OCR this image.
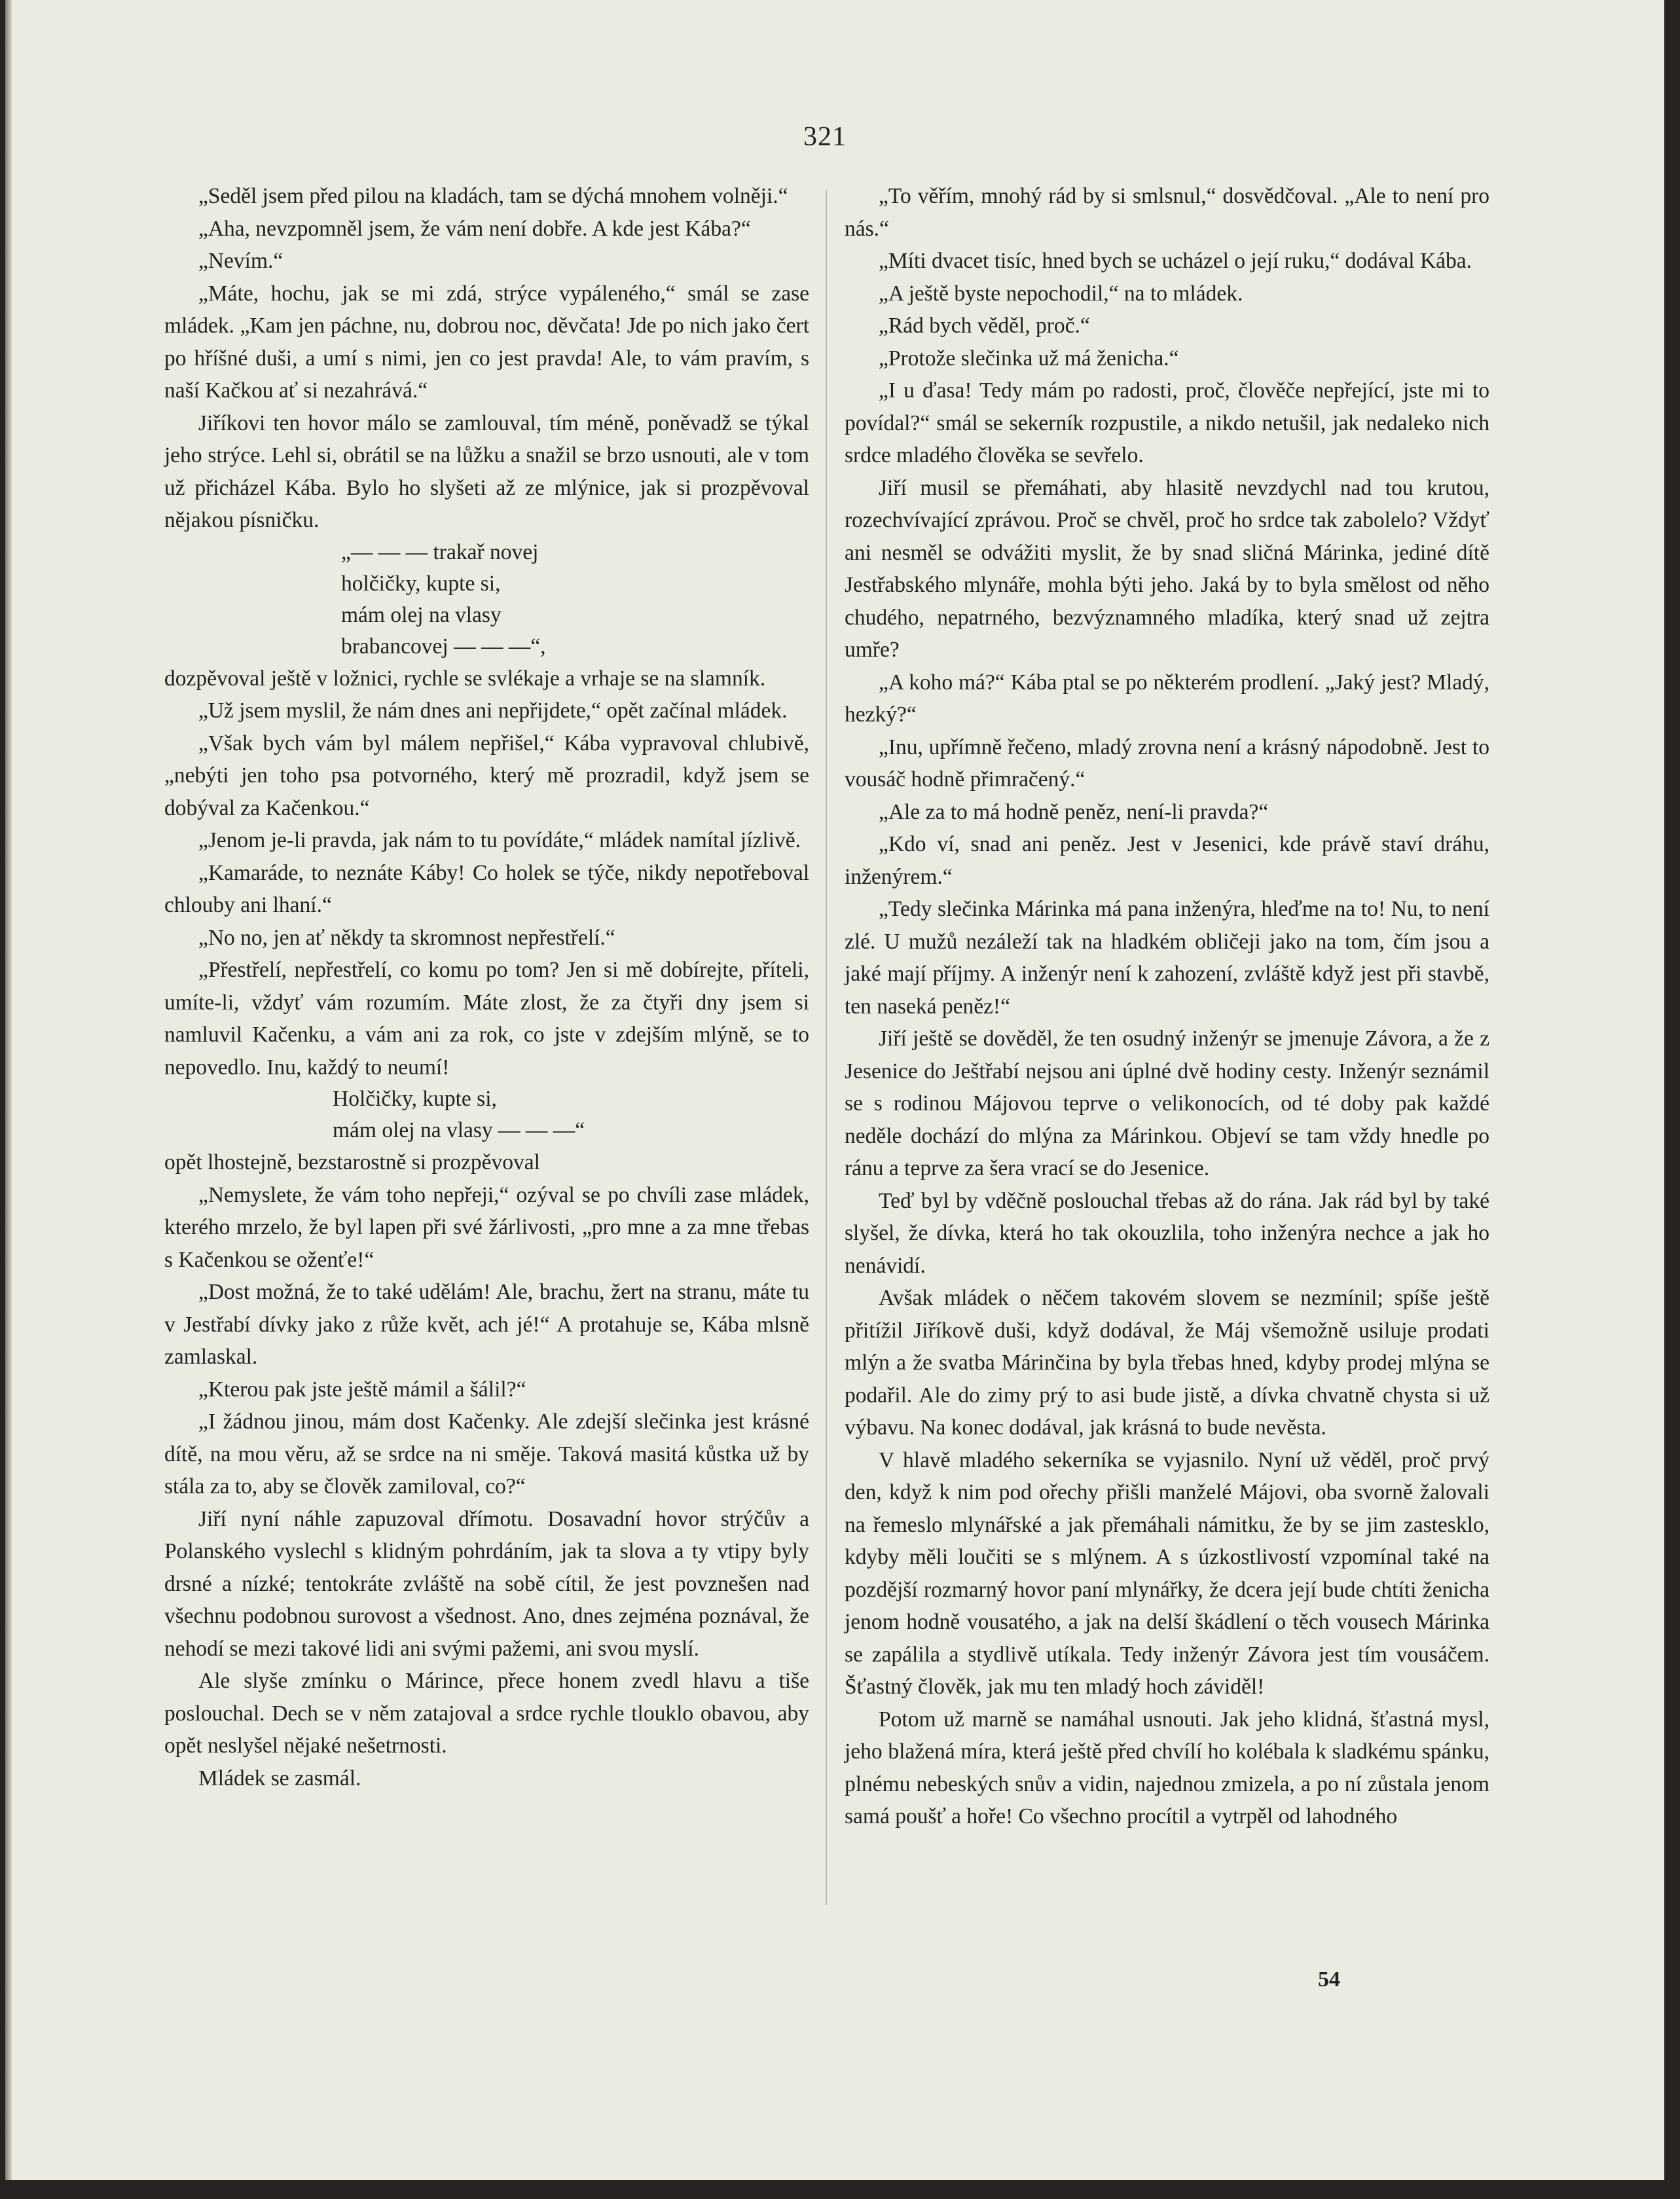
321

„Seděl jsem před pilou na kladách, tam se dýchá mnohem volněji.“

„Aha, nevzpomněl jsem, že vám není dobře. A kde jest Kába?“

„Nevím.“

„Máte, hochu, jak se mi zdá, strýce vypáleného,“ smál se zase mládek. „Kam jen páchne, nu, dobrou noc, děvčata! Jde po nich jako čert po hříšné duši, a umí s nimi, jen co jest pravda! Ale, to vám pravím, s naší Kačkou ať si nezahrává.“

Jiříkovi ten hovor málo se zamlouval, tím méně, poněvadž se týkal jeho strýce. Lehl si, obrátil se na lůžku a snažil se brzo usnouti, ale v tom už přicházel Kába. Bylo ho slyšeti až ze mlýnice, jak si prozpěvoval nějakou písničku.

„— — — trakař novej
holčičky, kupte si,
mám olej na vlasy
brabancovej — — —“,

dozpěvoval ještě v ložnici, rychle se svlékaje a vrhaje se na slamník.

„Už jsem myslil, že nám dnes ani nepřijdete,“ opět začínal mládek.

„Však bych vám byl málem nepřišel,“ Kába vypravoval chlubivě, „nebýti jen toho psa potvorného, který mě prozradil, když jsem se dobýval za Kačenkou.“

„Jenom je-li pravda, jak nám to tu povídáte,“ mládek namítal jízlivě.

„Kamaráde, to neznáte Káby! Co holek se týče, nikdy nepotřeboval chlouby ani lhaní.“

„No no, jen ať někdy ta skromnost nepřestřelí.“

„Přestřelí, nepřestřelí, co komu po tom? Jen si mě dobírejte, příteli, umíte-li, vždyť vám rozumím. Máte zlost, že za čtyři dny jsem si namluvil Kačenku, a vám ani za rok, co jste v zdejším mlýně, se to nepovedlo. Inu, každý to neumí!

Holčičky, kupte si,
mám olej na vlasy — — —“

opět lhostejně, bezstarostně si prozpěvoval

„Nemyslete, že vám toho nepřeji,“ ozýval se po chvíli zase mládek, kterého mrzelo, že byl lapen při své žárlivosti, „pro mne a za mne třebas s Kačenkou se oženťe!“

„Dost možná, že to také udělám! Ale, brachu, žert na stranu, máte tu v Jestřabí dívky jako z růže květ, ach jé!“ A protahuje se, Kába mlsně zamlaskal.

„Kterou pak jste ještě mámil a šálil?“

„I žádnou jinou, mám dost Kačenky. Ale zdejší slečinka jest krásné dítě, na mou věru, až se srdce na ni směje. Taková masitá kůstka už by stála za to, aby se člověk zamiloval, co?“

Jiří nyní náhle zapuzoval dřímotu. Dosavadní hovor strýčův a Polanského vyslechl s klidným pohrdáním, jak ta slova a ty vtipy byly drsné a nízké; tentokráte zvláště na sobě cítil, že jest povznešen nad všechnu podobnou surovost a všednost. Ano, dnes zejména poznával, že nehodí se mezi takové lidi ani svými pažemi, ani svou myslí.

Ale slyše zmínku o Márince, přece honem zvedl hlavu a tiše poslouchal. Dech se v něm zatajoval a srdce rychle tlouklo obavou, aby opět neslyšel nějaké nešetrnosti.

Mládek se zasmál.

„To věřím, mnohý rád by si smlsnul,“ dosvědčoval. „Ale to není pro nás.“

„Míti dvacet tisíc, hned bych se ucházel o její ruku,“ dodával Kába.

„A ještě byste nepochodil,“ na to mládek.

„Rád bych věděl, proč.“

„Protože slečinka už má ženicha.“

„I u ďasa! Tedy mám po radosti, proč, člověče nepřející, jste mi to povídal?“ smál se sekerník rozpustile, a nikdo netušil, jak nedaleko nich srdce mladého člověka se sevřelo.

Jiří musil se přemáhati, aby hlasitě nevzdychl nad tou krutou, rozechvívající zprávou. Proč se chvěl, proč ho srdce tak zabolelo? Vždyť ani nesměl se odvážiti myslit, že by snad sličná Márinka, jediné dítě Jestřabského mlynáře, mohla býti jeho. Jaká by to byla smělost od něho chudého, nepatrného, bezvýznamného mladíka, který snad už zejtra umře?

„A koho má?“ Kába ptal se po některém prodlení. „Jaký jest? Mladý, hezký?“

„Inu, upřímně řečeno, mladý zrovna není a krásný nápodobně. Jest to vousáč hodně přimračený.“

„Ale za to má hodně peněz, není-li pravda?“

„Kdo ví, snad ani peněz. Jest v Jesenici, kde právě staví dráhu, inženýrem.“

„Tedy slečinka Márinka má pana inženýra, hleďme na to! Nu, to není zlé. U mužů nezáleží tak na hladkém obličeji jako na tom, čím jsou a jaké mají příjmy. A inženýr není k zahození, zvláště když jest při stavbě, ten naseká peněz!“

Jiří ještě se dověděl, že ten osudný inženýr se jmenuje Závora, a že z Jesenice do Ještřabí nejsou ani úplné dvě hodiny cesty. Inženýr seznámil se s rodinou Májovou teprve o velikonocích, od té doby pak každé neděle dochází do mlýna za Márinkou. Objeví se tam vždy hnedle po ránu a teprve za šera vrací se do Jesenice.

Teď byl by vděčně poslouchal třebas až do rána. Jak rád byl by také slyšel, že dívka, která ho tak okouzlila, toho inženýra nechce a jak ho nenávidí.

Avšak mládek o něčem takovém slovem se nezmínil; spíše ještě přitížil Jiříkově duši, když dodával, že Máj všemožně usiluje prodati mlýn a že svatba Márinčina by byla třebas hned, kdyby prodej mlýna se podařil. Ale do zimy prý to asi bude jistě, a dívka chvatně chysta si už výbavu. Na konec dodával, jak krásná to bude nevěsta.

V hlavě mladého sekerníka se vyjasnilo. Nyní už věděl, proč prvý den, když k nim pod ořechy přišli manželé Májovi, oba svorně žalovali na řemeslo mlynářské a jak přemáhali námitku, že by se jim zastesklo, kdyby měli loučiti se s mlýnem. A s úzkostlivostí vzpomínal také na pozdější rozmarný hovor paní mlynářky, že dcera její bude chtíti ženicha jenom hodně vousatého, a jak na delší škádlení o těch vousech Márinka se zapálila a stydlivě utíkala. Tedy inženýr Závora jest tím vousáčem. Šťastný člověk, jak mu ten mladý hoch záviděl!

Potom už marně se namáhal usnouti. Jak jeho klidná, šťastná mysl, jeho blažená míra, která ještě před chvílí ho kolébala k sladkému spánku, plnému nebeských snův a vidin, najednou zmizela, a po ní zůstala jenom samá poušť a hoře! Co všechno procítil a vytrpěl od lahodného

54
